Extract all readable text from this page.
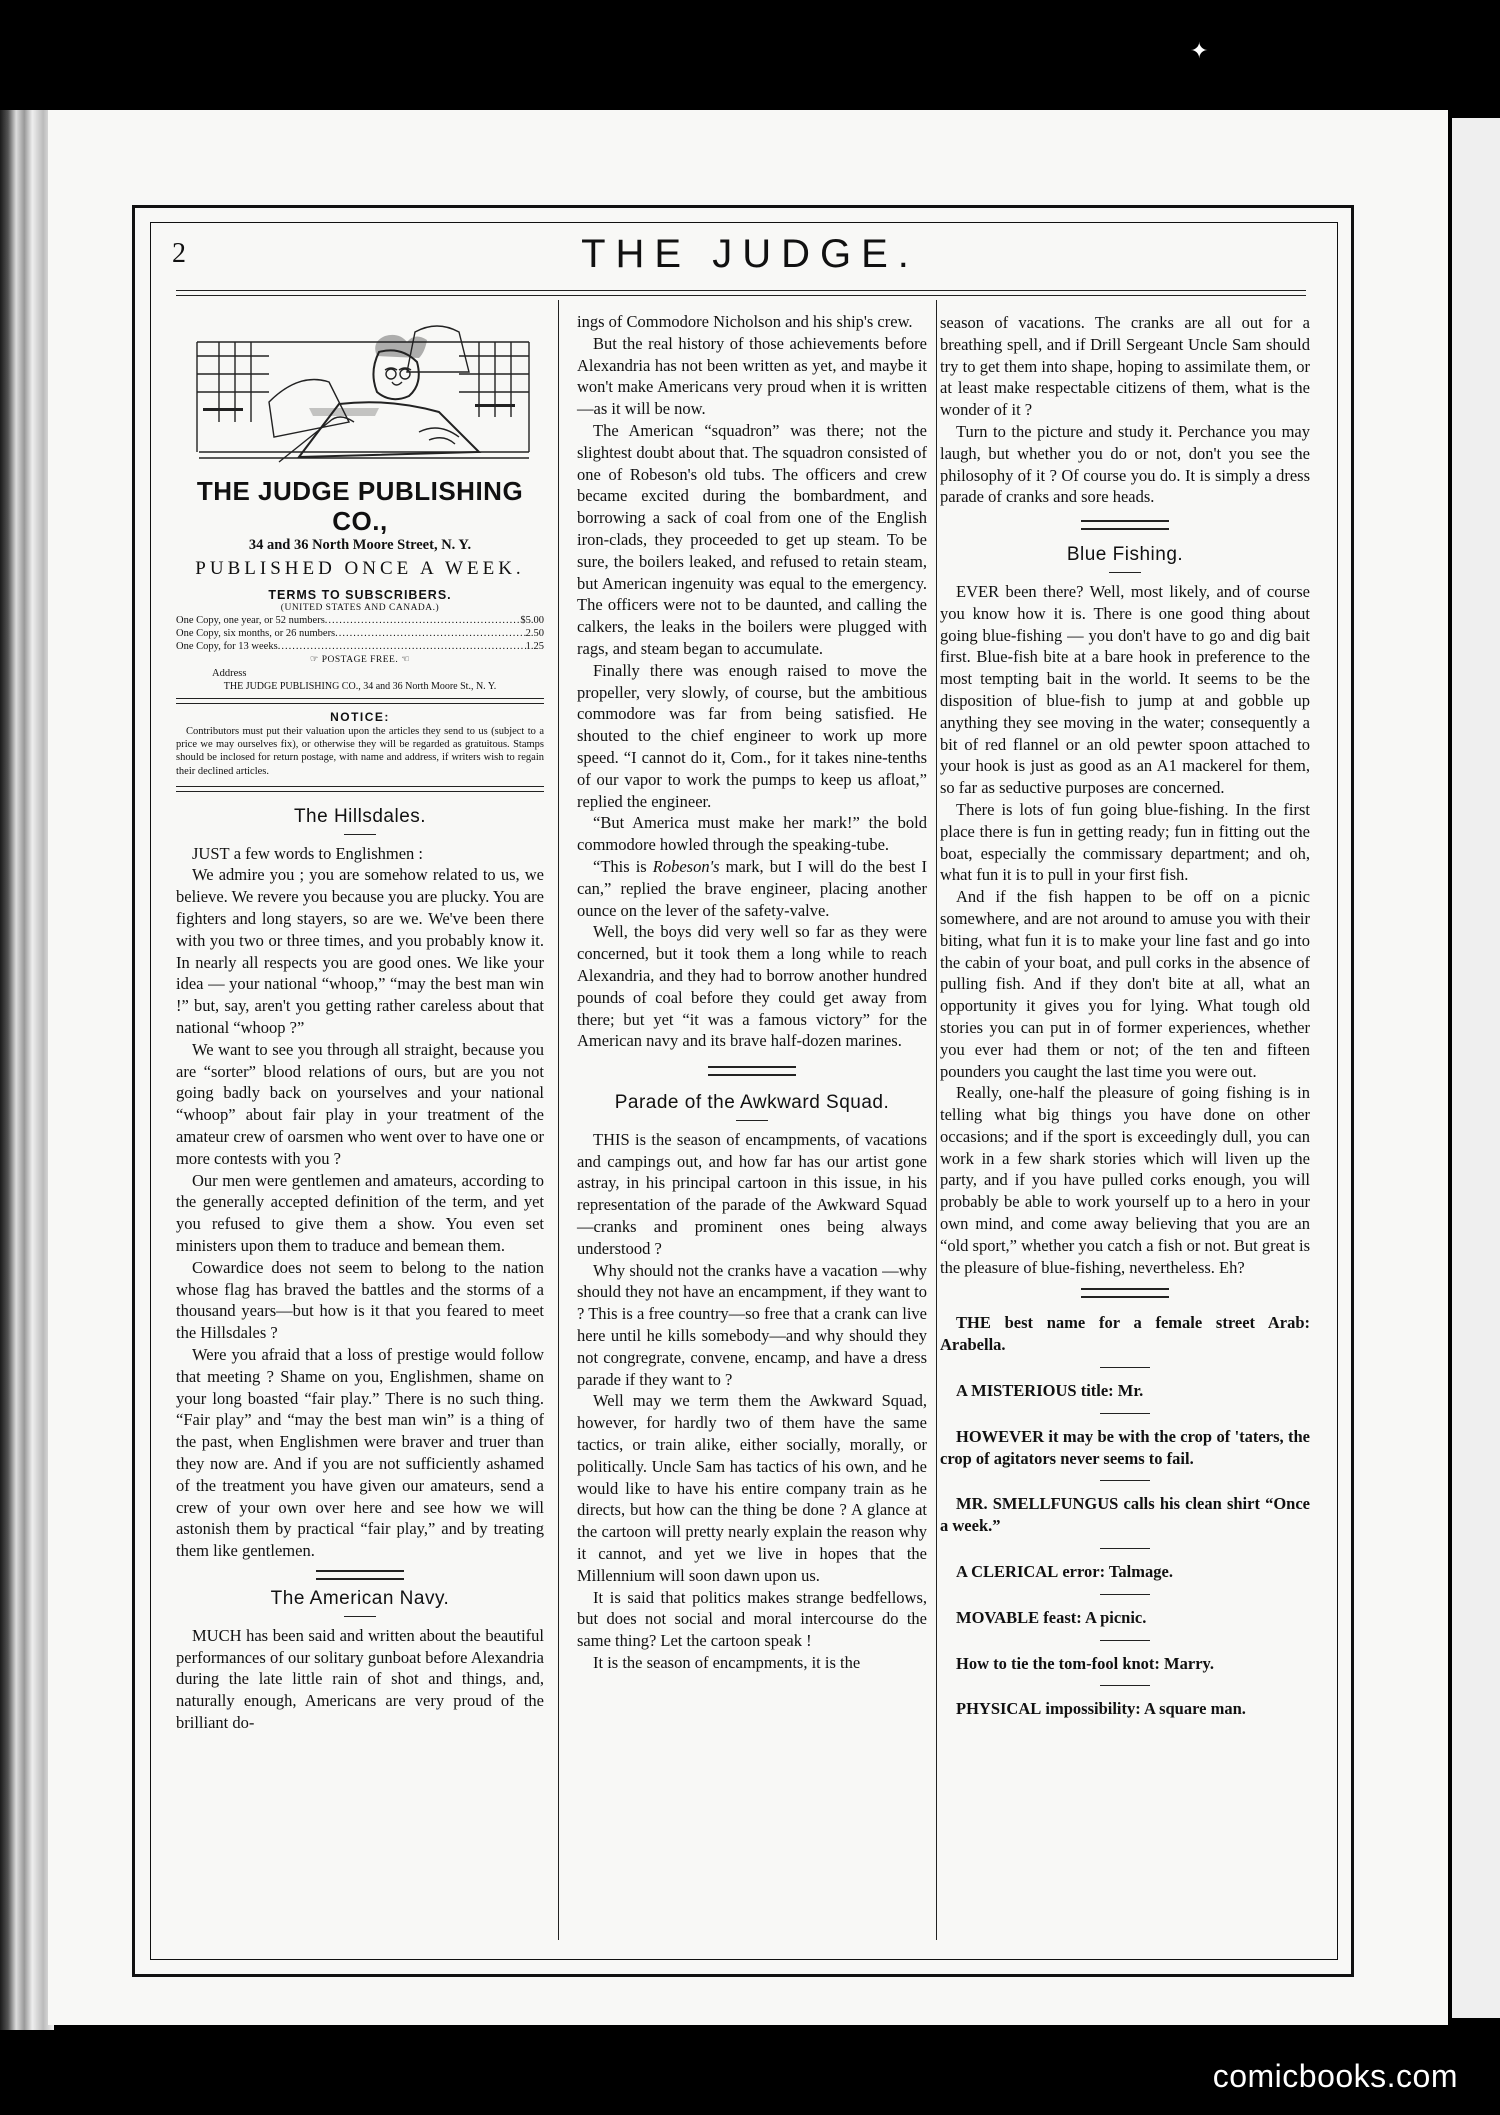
✦
2	THE JUDGE.
THE JUDGE PUBLISHING CO.,
34 and 36 North Moore Street, N. Y.
PUBLISHED ONCE A WEEK.
TERMS TO SUBSCRIBERS.
(UNITED STATES AND CANADA.)
One Copy, one year, or 52 numbers .....	$5.00
One Copy, six months, or 26 numbers .....	2.50
One Copy, for 13 weeks .....	1.25
☞ POSTAGE FREE. ☜
Address
THE JUDGE PUBLISHING CO., 34 and 36 North Moore St., N. Y.
NOTICE:
Contributors must put their valuation upon the articles they send to us (subject to a price we may ourselves fix), or otherwise they will be regarded as gratuitous. Stamps should be inclosed for return postage, with name and address, if writers wish to regain their declined articles.
The Hillsdales.

JUST a few words to Englishmen :

We admire you ; you are somehow related to us, we believe. We revere you because you are plucky. You are fighters and long stayers, so are we. We've been there with you two or three times, and you probably know it. In nearly all respects you are good ones. We like your idea — your national “whoop,” “may the best man win !” but, say, aren't you getting rather careless about that national “whoop ?”

We want to see you through all straight, because you are “sorter” blood relations of ours, but are you not going badly back on yourselves and your national “whoop” about fair play in your treatment of the amateur crew of oarsmen who went over to have one or more contests with you ?

Our men were gentlemen and amateurs, according to the generally accepted definition of the term, and yet you refused to give them a show. You even set ministers upon them to traduce and bemean them.

Cowardice does not seem to belong to the nation whose flag has braved the battles and the storms of a thousand years—but how is it that you feared to meet the Hillsdales ?

Were you afraid that a loss of prestige would follow that meeting ? Shame on you, Englishmen, shame on your long boasted “fair play.” There is no such thing. “Fair play” and “may the best man win” is a thing of the past, when Englishmen were braver and truer than they now are. And if you are not sufficiently ashamed of the treatment you have given our amateurs, send a crew of your own over here and see how we will astonish them by practical “fair play,” and by treating them like gentlemen.

The American Navy.

MUCH has been said and written about the beautiful performances of our solitary gunboat before Alexandria during the late little rain of shot and things, and, naturally enough, Americans are very proud of the brilliant do-

ings of Commodore Nicholson and his ship's crew.

But the real history of those achievements before Alexandria has not been written as yet, and maybe it won't make Americans very proud when it is written—as it will be now.

The American “squadron” was there; not the slightest doubt about that. The squadron consisted of one of Robeson's old tubs. The officers and crew became excited during the bombardment, and borrowing a sack of coal from one of the English iron-clads, they proceeded to get up steam. To be sure, the boilers leaked, and refused to retain steam, but American ingenuity was equal to the emergency. The officers were not to be daunted, and calling the calkers, the leaks in the boilers were plugged with rags, and steam began to accumulate.

Finally there was enough raised to move the propeller, very slowly, of course, but the ambitious commodore was far from being satisfied. He shouted to the chief engineer to work up more speed. “I cannot do it, Com., for it takes nine-tenths of our vapor to work the pumps to keep us afloat,” replied the engineer.

“But America must make her mark!” the bold commodore howled through the speaking-tube.

“This is Robeson's mark, but I will do the best I can,” replied the brave engineer, placing another ounce on the lever of the safety-valve.

Well, the boys did very well so far as they were concerned, but it took them a long while to reach Alexandria, and they had to borrow another hundred pounds of coal before they could get away from there; but yet “it was a famous victory” for the American navy and its brave half-dozen marines.

Parade of the Awkward Squad.

THIS is the season of encampments, of vacations and campings out, and how far has our artist gone astray, in his principal cartoon in this issue, in his representation of the parade of the Awkward Squad—cranks and prominent ones being always understood ?

Why should not the cranks have a vacation —why should they not have an encampment, if they want to ? This is a free country—so free that a crank can live here until he kills somebody—and why should they not congregrate, convene, encamp, and have a dress parade if they want to ?

Well may we term them the Awkward Squad, however, for hardly two of them have the same tactics, or train alike, either socially, morally, or politically. Uncle Sam has tactics of his own, and he would like to have his entire company train as he directs, but how can the thing be done ? A glance at the cartoon will pretty nearly explain the reason why it cannot, and yet we live in hopes that the Millennium will soon dawn upon us.

It is said that politics makes strange bedfellows, but does not social and moral intercourse do the same thing? Let the cartoon speak !

It is the season of encampments, it is the

season of vacations. The cranks are all out for a breathing spell, and if Drill Sergeant Uncle Sam should try to get them into shape, hoping to assimilate them, or at least make respectable citizens of them, what is the wonder of it ?

Turn to the picture and study it. Perchance you may laugh, but whether you do or not, don't you see the philosophy of it ? Of course you do. It is simply a dress parade of cranks and sore heads.

Blue Fishing.

EVER been there? Well, most likely, and of course you know how it is. There is one good thing about going blue-fishing — you don't have to go and dig bait first. Blue-fish bite at a bare hook in preference to the most tempting bait in the world. It seems to be the disposition of blue-fish to jump at and gobble up anything they see moving in the water; consequently a bit of red flannel or an old pewter spoon attached to your hook is just as good as an A1 mackerel for them, so far as seductive purposes are concerned.

There is lots of fun going blue-fishing. In the first place there is fun in getting ready; fun in fitting out the boat, especially the commissary department; and oh, what fun it is to pull in your first fish.

And if the fish happen to be off on a picnic somewhere, and are not around to amuse you with their biting, what fun it is to make your line fast and go into the cabin of your boat, and pull corks in the absence of pulling fish. And if they don't bite at all, what an opportunity it gives you for lying. What tough old stories you can put in of former experiences, whether you ever had them or not; of the ten and fifteen pounders you caught the last time you were out.

Really, one-half the pleasure of going fishing is in telling what big things you have done on other occasions; and if the sport is exceedingly dull, you can work in a few shark stories which will liven up the party, and if you have pulled corks enough, you will probably be able to work yourself up to a hero in your own mind, and come away believing that you are an “old sport,” whether you catch a fish or not. But great is the pleasure of blue-fishing, nevertheless. Eh?

THE best name for a female street Arab: Arabella.

A MISTERIOUS title: Mr.

HOWEVER it may be with the crop of 'taters, the crop of agitators never seems to fail.

MR. SMELLFUNGUS calls his clean shirt “Once a week.”

A CLERICAL error: Talmage.

MOVABLE feast: A picnic.

How to tie the tom-fool knot: Marry.

PHYSICAL impossibility: A square man.

comicbooks.com
